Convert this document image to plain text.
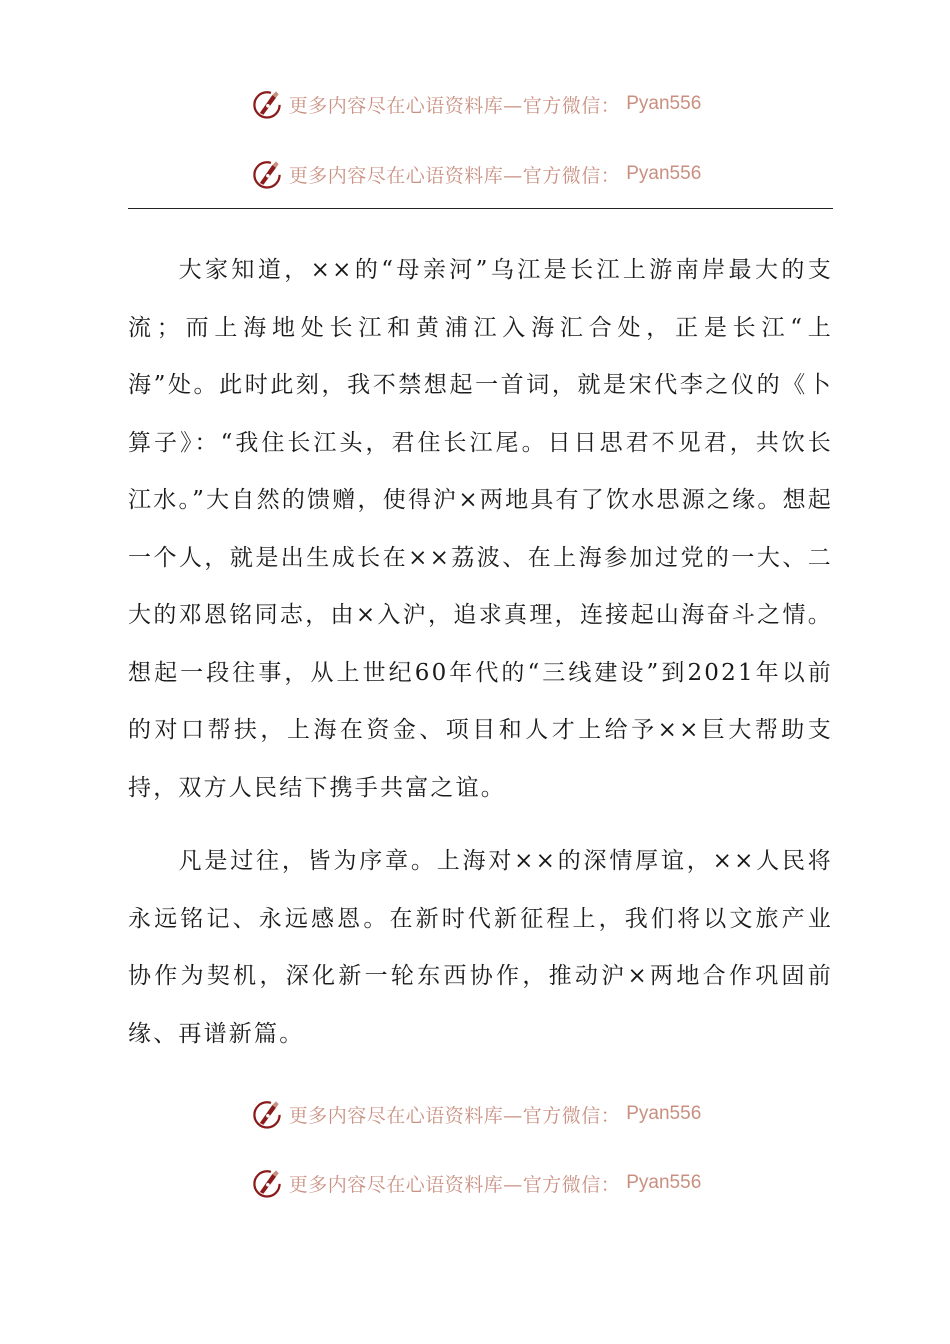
更多内容尽在心语资料库—官方微信： Pyan556
更多内容尽在心语资料库—官方微信： Pyan556

大家知道，××的“母亲河”乌江是长江上游南岸最大的支流；而上海地处长江和黄浦江入海汇合处，正是长江“上海”处。此时此刻，我不禁想起一首词，就是宋代李之仪的《卜算子》：“我住长江头，君住长江尾。日日思君不见君，共饮长江水。”大自然的馈赠，使得沪×两地具有了饮水思源之缘。想起一个人，就是出生成长在××荔波、在上海参加过党的一大、二大的邓恩铭同志，由×入沪，追求真理，连接起山海奋斗之情。想起一段往事，从上世纪60年代的“三线建设”到2021年以前的对口帮扶，上海在资金、项目和人才上给予××巨大帮助支持，双方人民结下携手共富之谊。

凡是过往，皆为序章。上海对××的深情厚谊，××人民将永远铭记、永远感恩。在新时代新征程上，我们将以文旅产业协作为契机，深化新一轮东西协作，推动沪×两地合作巩固前缘、再谱新篇。

更多内容尽在心语资料库—官方微信： Pyan556
更多内容尽在心语资料库—官方微信： Pyan556
